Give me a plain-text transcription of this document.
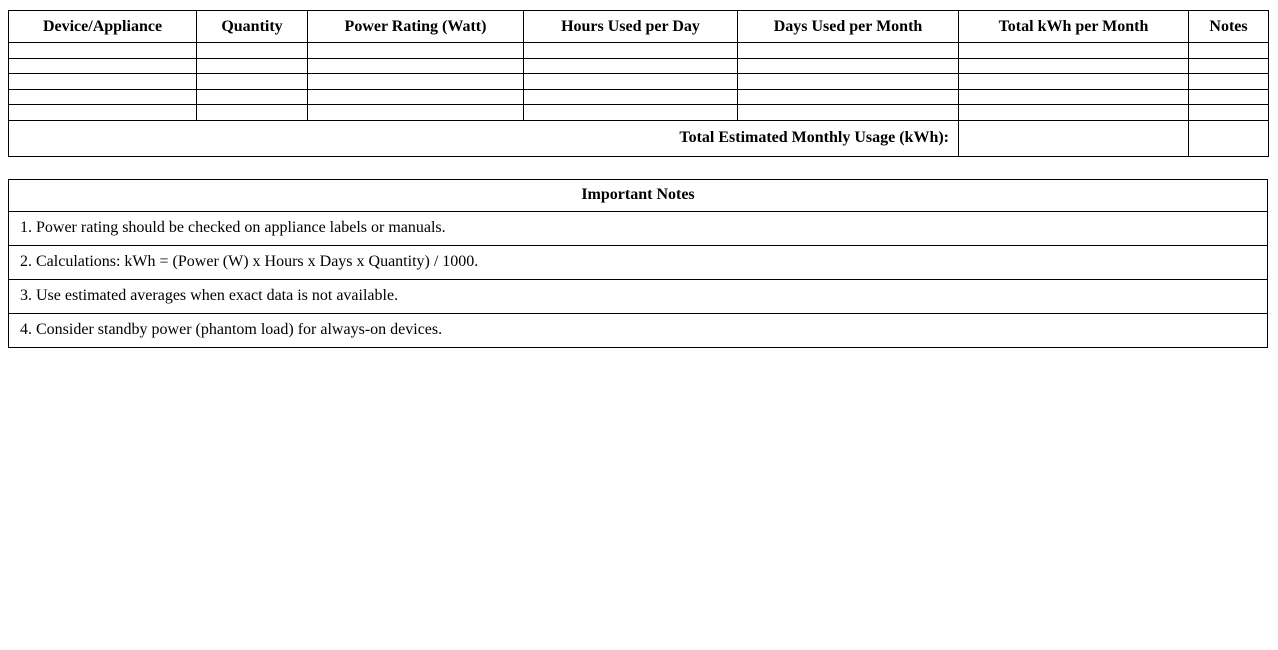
Device/Appliance	Quantity	Power Rating (Watt)	Hours Used per Day	Days Used per Month	Total kWh per Month	Notes

Total Estimated Monthly Usage (kWh):						
Important Notes
1. Power rating should be checked on appliance labels or manuals.
2. Calculations: kWh = (Power (W) x Hours x Days x Quantity) / 1000.
3. Use estimated averages when exact data is not available.
4. Consider standby power (phantom load) for always-on devices.
